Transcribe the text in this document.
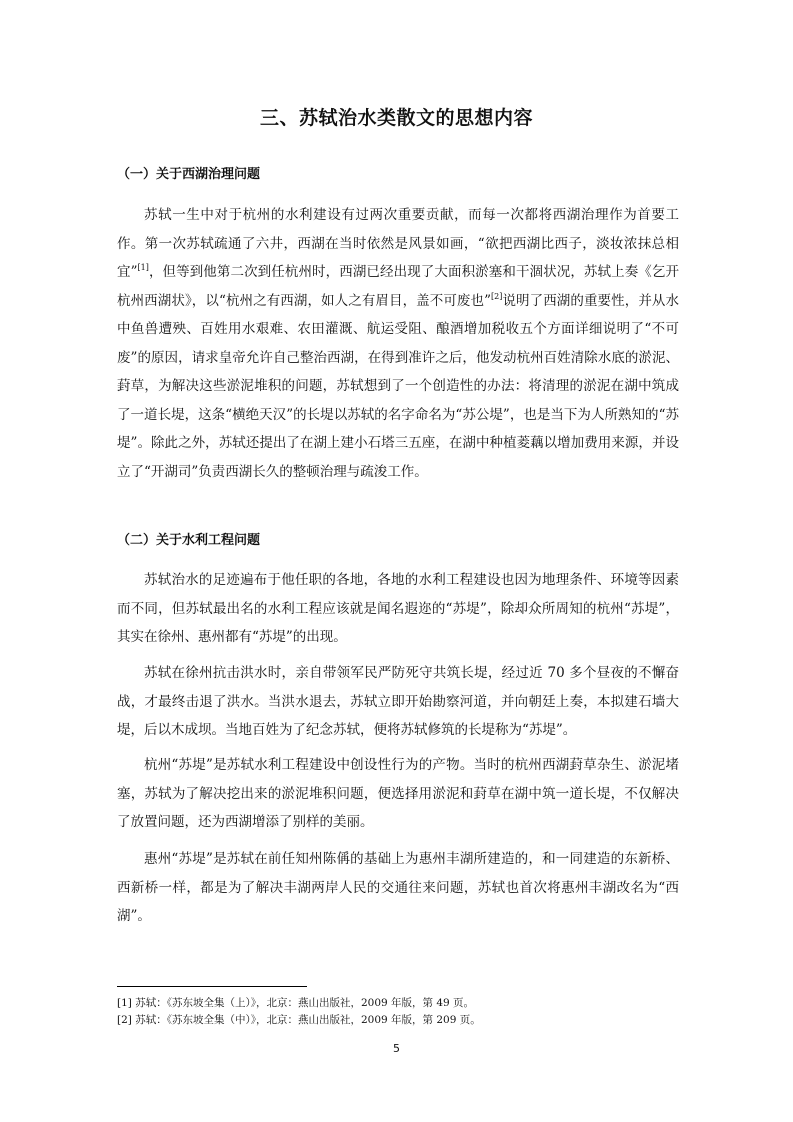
三、苏轼治水类散文的思想内容
（一）关于西湖治理问题

苏轼一生中对于杭州的水利建设有过两次重要贡献，而每一次都将西湖治理作为首要工作。第一次苏轼疏通了六井，西湖在当时依然是风景如画，“欲把西湖比西子，淡妆浓抹总相宜”[1]，但等到他第二次到任杭州时，西湖已经出现了大面积淤塞和干涸状况，苏轼上奏《乞开杭州西湖状》，以“杭州之有西湖，如人之有眉目，盖不可废也”[2]说明了西湖的重要性，并从水中鱼兽遭殃、百姓用水艰难、农田灌溉、航运受阻、酿酒增加税收五个方面详细说明了“不可废”的原因，请求皇帝允许自己整治西湖，在得到准许之后，他发动杭州百姓清除水底的淤泥、葑草，为解决这些淤泥堆积的问题，苏轼想到了一个创造性的办法：将清理的淤泥在湖中筑成了一道长堤，这条“横绝天汉”的长堤以苏轼的名字命名为“苏公堤”，也是当下为人所熟知的“苏堤”。除此之外，苏轼还提出了在湖上建小石塔三五座，在湖中种植菱藕以增加费用来源，并设立了“开湖司”负责西湖长久的整顿治理与疏浚工作。

（二）关于水利工程问题

苏轼治水的足迹遍布于他任职的各地，各地的水利工程建设也因为地理条件、环境等因素而不同，但苏轼最出名的水利工程应该就是闻名遐迩的“苏堤”，除却众所周知的杭州“苏堤”，其实在徐州、惠州都有“苏堤”的出现。

苏轼在徐州抗击洪水时，亲自带领军民严防死守共筑长堤，经过近 70 多个昼夜的不懈奋战，才最终击退了洪水。当洪水退去，苏轼立即开始勘察河道，并向朝廷上奏，本拟建石墙大堤，后以木成坝。当地百姓为了纪念苏轼，便将苏轼修筑的长堤称为“苏堤”。

杭州“苏堤”是苏轼水利工程建设中创设性行为的产物。当时的杭州西湖葑草杂生、淤泥堵塞，苏轼为了解决挖出来的淤泥堆积问题，便选择用淤泥和葑草在湖中筑一道长堤，不仅解决了放置问题，还为西湖增添了别样的美丽。

惠州“苏堤”是苏轼在前任知州陈偁的基础上为惠州丰湖所建造的，和一同建造的东新桥、西新桥一样，都是为了解决丰湖两岸人民的交通往来问题，苏轼也首次将惠州丰湖改名为“西湖”。

[1] 苏轼：《苏东坡全集（上）》，北京：燕山出版社，2009 年版，第 49 页。
[2] 苏轼：《苏东坡全集（中）》，北京：燕山出版社，2009 年版，第 209 页。
5
